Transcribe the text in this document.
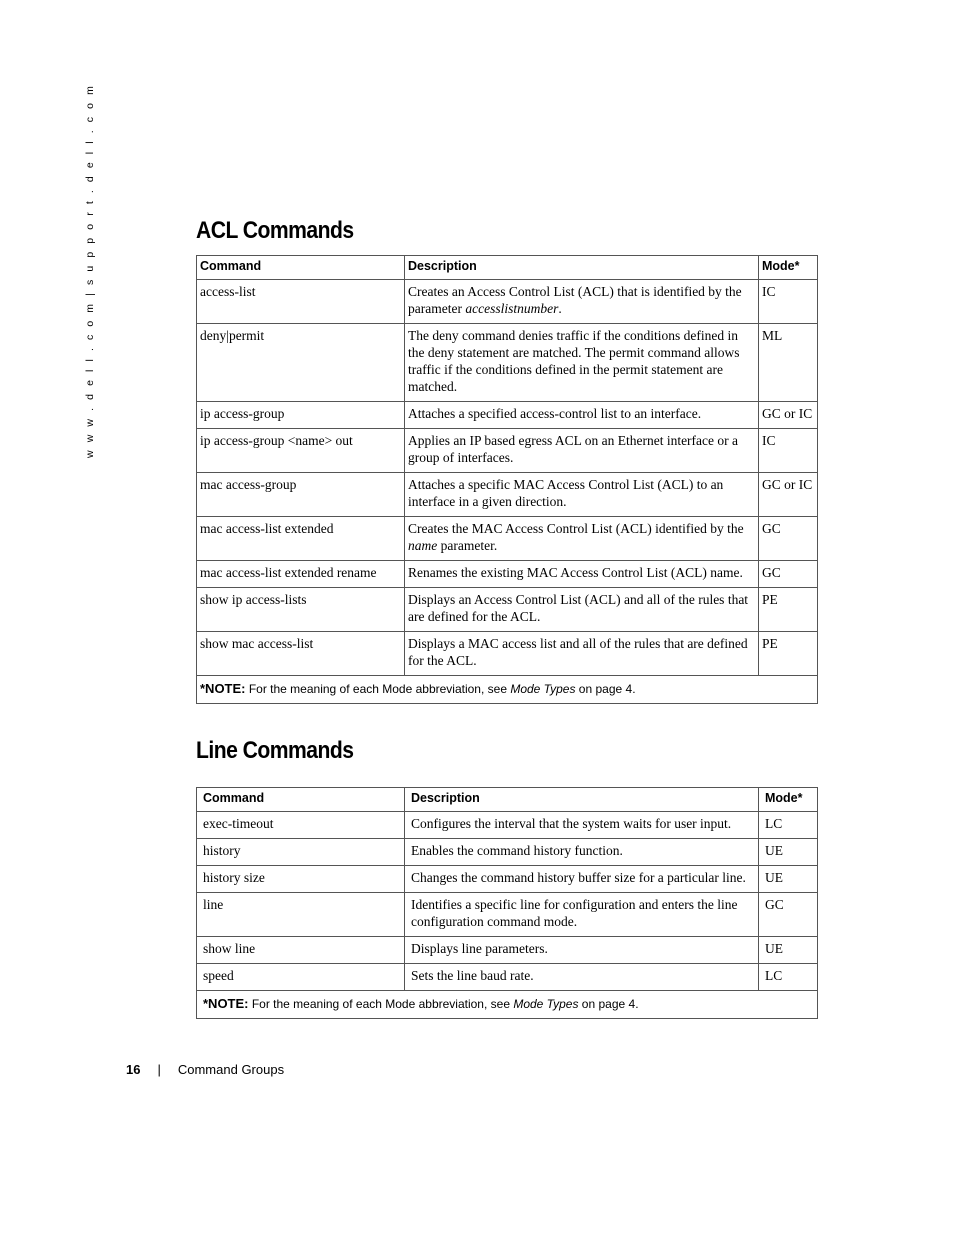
w w w . d e l l . c o m | s u p p o r t . d e l l . c o m	ACL Commands
Command	Description	Mode*
access-list	Creates an Access Control List (ACL) that is identified by the parameter accesslistnumber.	IC
deny|permit	The deny command denies traffic if the conditions defined in the deny statement are matched. The permit command allows traffic if the conditions defined in the permit statement are matched.	ML
ip access-group	Attaches a specified access-control list to an interface.	GC or IC
ip access-group <name> out	Applies an IP based egress ACL on an Ethernet interface or a group of interfaces.	IC
mac access-group	Attaches a specific MAC Access Control List (ACL) to an interface in a given direction.	GC or IC
mac access-list extended	Creates the MAC Access Control List (ACL) identified by the name parameter.	GC
mac access-list extended rename	Renames the existing MAC Access Control List (ACL) name.	GC
show ip access-lists	Displays an Access Control List (ACL) and all of the rules that are defined for the ACL.	PE
show mac access-list	Displays a MAC access list and all of the rules that are defined for the ACL.	PE
*NOTE: For the meaning of each Mode abbreviation, see Mode Types on page 4.		
Line Commands
Command	Description	Mode*
exec-timeout	Configures the interval that the system waits for user input.	LC
history	Enables the command history function.	UE
history size	Changes the command history buffer size for a particular line.	UE
line	Identifies a specific line for configuration and enters the line configuration command mode.	GC
show line	Displays line parameters.	UE
speed	Sets the line baud rate.	LC
*NOTE: For the meaning of each Mode abbreviation, see Mode Types on page 4.		
16 | Command Groups
